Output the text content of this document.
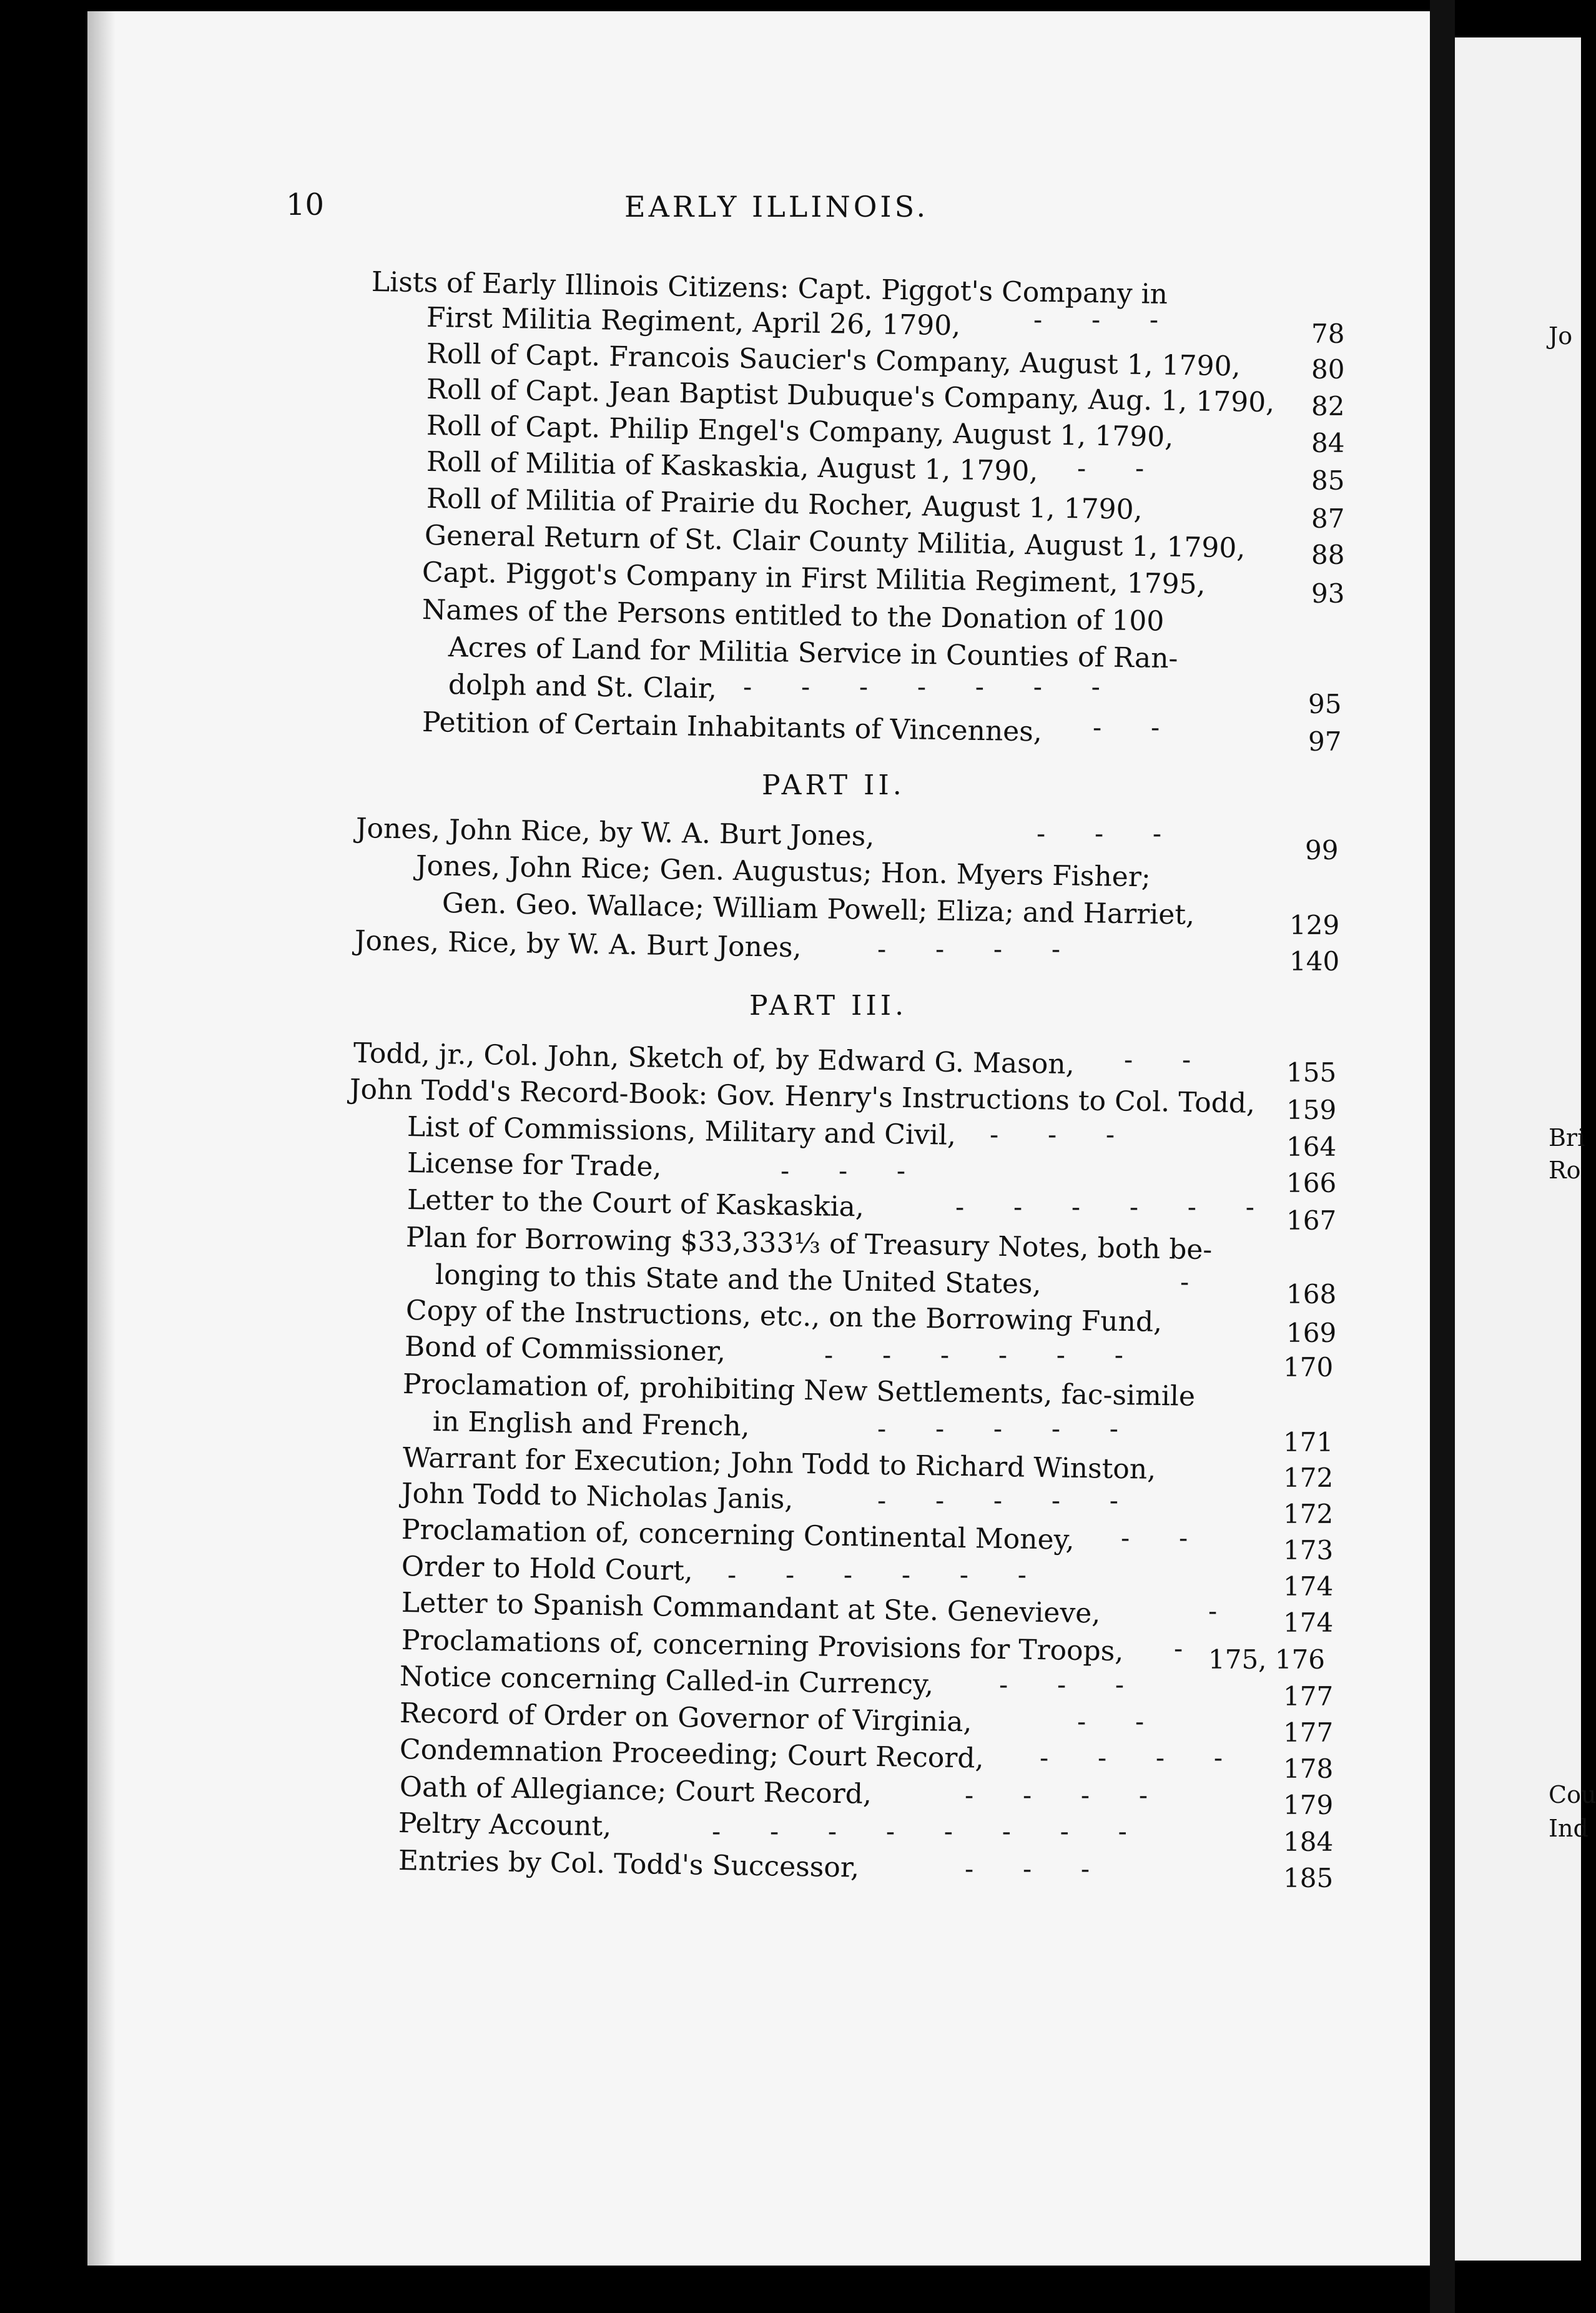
Jo
Bri
Ro
Cou
Ind
10	EARLY ILLINOIS.
Lists of Early Illinois Citizens: Capt. Piggot's Company in
First Militia Regiment, April 26, 1790,	-     -     -	78
Roll of Capt. Francois Saucier's Company, August 1, 1790,	80
Roll of Capt. Jean Baptist Dubuque's Company, Aug. 1, 1790, 82
Roll of Capt. Philip Engel's Company, August 1, 1790,	84
Roll of Militia of Kaskaskia, August 1, 1790, -     -	85
Roll of Militia of Prairie du Rocher, August 1, 1790,	87
General Return of St. Clair County Militia, August 1, 1790,	88
Capt. Piggot's Company in First Militia Regiment, 1795,	93
Names of the Persons entitled to the Donation of 100
Acres of Land for Militia Service in Counties of Ran-
dolph and St. Clair, -     -     -     -     -     -     -
95
Petition of Certain Inhabitants of Vincennes, -     -	97
PART II.
Jones, John Rice, by W. A. Burt Jones,	-     -     -
99
Jones, John Rice; Gen. Augustus; Hon. Myers Fisher;
Gen. Geo. Wallace; William Powell; Eliza; and Harriet,	129
Jones, Rice, by W. A. Burt Jones,	-     -     -     -	140
PART III.
Todd, jr., Col. John, Sketch of, by Edward G. Mason, -     -	155
John Todd's Record-Book: Gov. Henry's Instructions to Col. Todd, 159
List of Commissions, Military and Civil, -     -     -	164
License for Trade,	-     -     -	166
Letter to the Court of Kaskaskia,	-     -     -     -     -     - 167
Plan for Borrowing $33,333⅓ of Treasury Notes, both be-
longing to this State and the United States,	-	168
Copy of the Instructions, etc., on the Borrowing Fund,	169
Bond of Commissioner,	-     -     -     -     -     -	170
Proclamation of, prohibiting New Settlements, fac-simile
in English and French,	-     -     -     -     -	171
Warrant for Execution; John Todd to Richard Winston,	172
John Todd to Nicholas Janis,	-     -     -     -     -	172
Proclamation of, concerning Continental Money, -     -	173
Order to Hold Court, -     -     -     -     -     -	174
Letter to Spanish Commandant at Ste. Genevieve,	- 174
Proclamations of, concerning Provisions for Troops, - 175, 176
Notice concerning Called-in Currency, -     -     -	177
Record of Order on Governor of Virginia,	-     -	177
Condemnation Proceeding; Court Record, -     -     -     - 178
Oath of Allegiance; Court Record,	-     -     -     -	179
Peltry Account,	-     -     -     -     -     -     -     -	184
Entries by Col. Todd's Successor,	-     -     -	185
